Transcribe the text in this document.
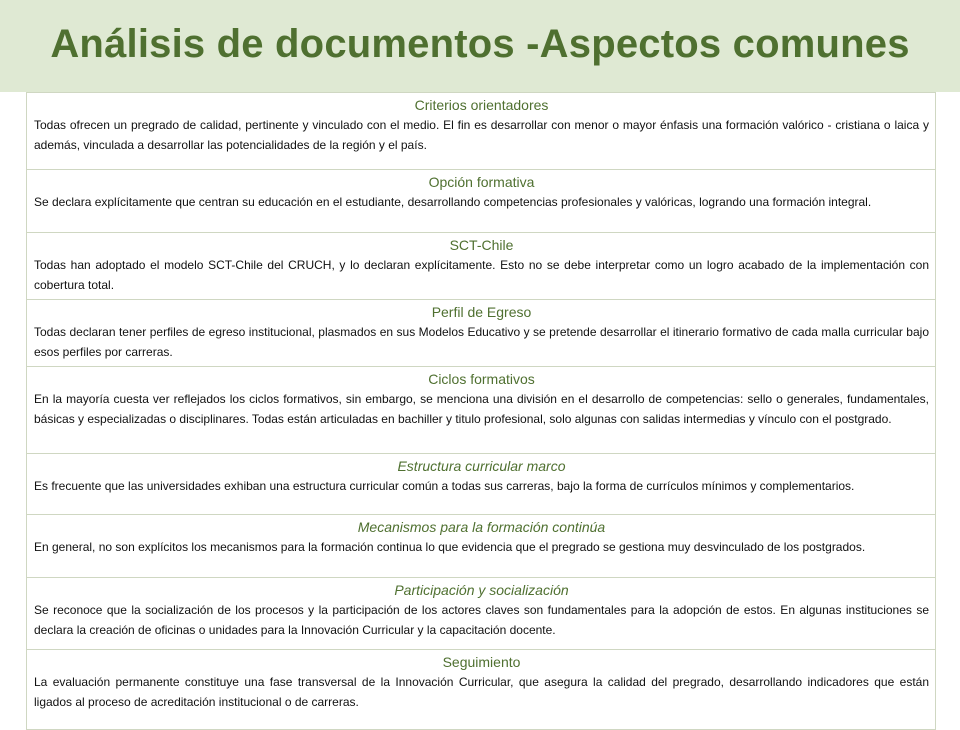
Análisis de documentos -Aspectos comunes
Criterios orientadores
Todas ofrecen un pregrado de calidad, pertinente y vinculado con el medio. El fin es desarrollar con menor o mayor énfasis una formación valórico - cristiana o laica y además, vinculada a desarrollar las potencialidades de la región y el país.

Opción formativa
Se declara explícitamente que centran su educación en el estudiante, desarrollando competencias profesionales y valóricas, logrando una formación integral.

SCT-Chile
Todas han adoptado el modelo SCT-Chile del CRUCH, y lo declaran explícitamente. Esto no se debe interpretar como un logro acabado de la implementación con cobertura total.

Perfil de Egreso
Todas declaran tener perfiles de egreso institucional, plasmados en sus Modelos Educativo y se pretende desarrollar el itinerario formativo de cada malla curricular bajo esos perfiles por carreras.

Ciclos formativos
En la mayoría cuesta ver reflejados los ciclos formativos, sin embargo, se menciona una división en el desarrollo de competencias: sello o generales, fundamentales, básicas y especializadas o disciplinares. Todas están articuladas en bachiller y titulo profesional, solo algunas con salidas intermedias y vínculo con el postgrado.

Estructura curricular marco
Es frecuente que las universidades exhiban una estructura curricular común a todas sus carreras, bajo la forma de currículos mínimos y complementarios.

Mecanismos para la formación continúa
En general, no son explícitos los mecanismos para la formación continua lo que evidencia que el pregrado se gestiona muy desvinculado de los postgrados.

Participación y socialización
Se reconoce que la socialización de los procesos y la participación de los actores claves son fundamentales para la adopción de estos. En algunas instituciones se declara la creación de oficinas o unidades para la Innovación Curricular y la capacitación docente.

Seguimiento
La evaluación permanente constituye una fase transversal de la Innovación Curricular, que asegura la calidad del pregrado, desarrollando indicadores que están ligados al proceso de acreditación institucional o de carreras.
